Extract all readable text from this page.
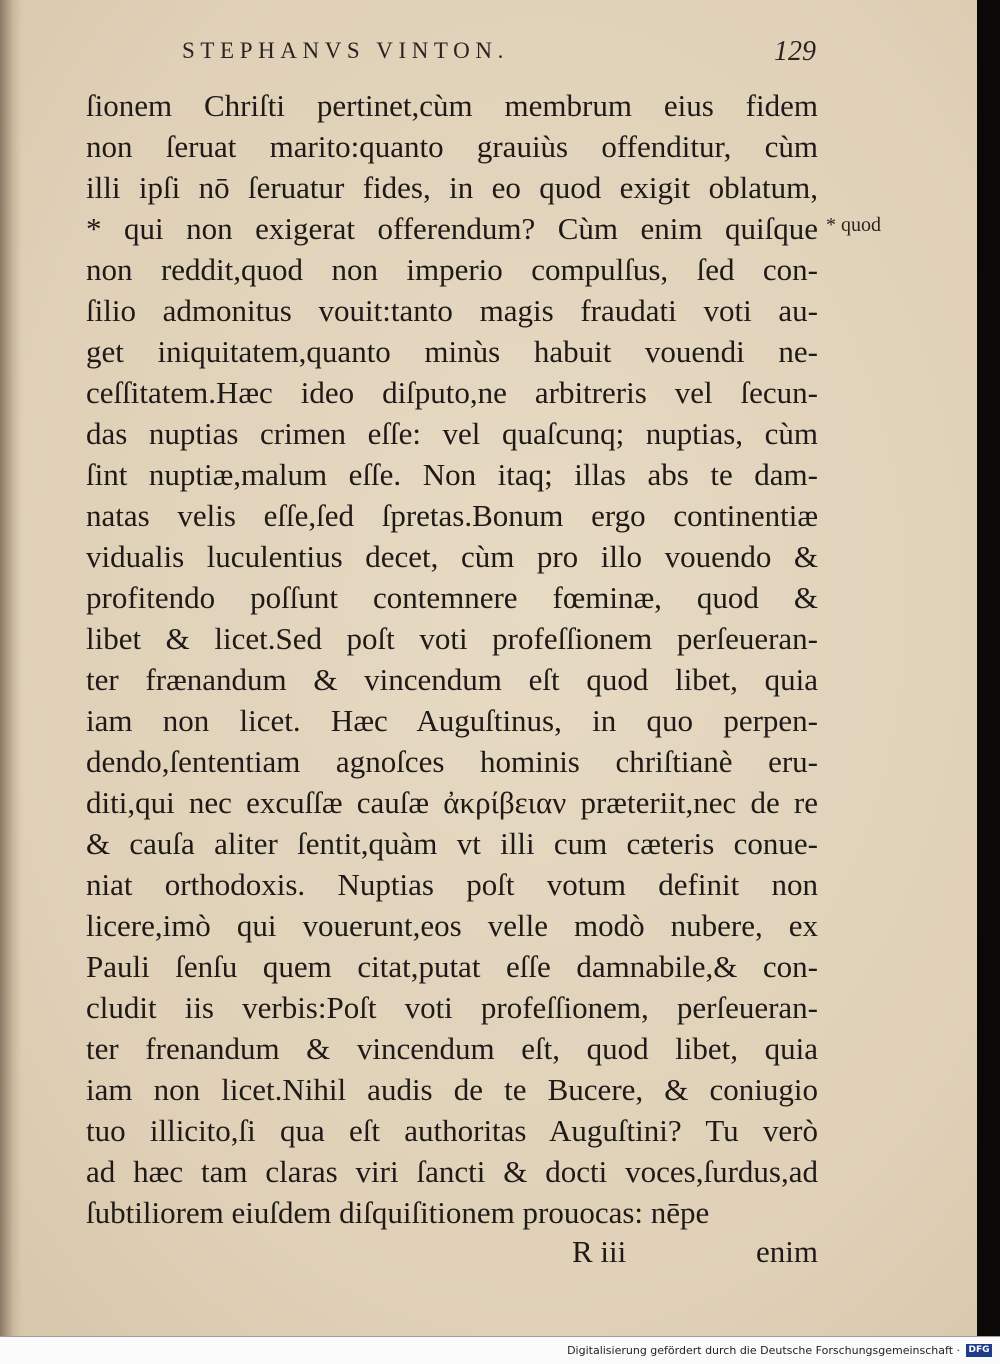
STEPHANVS VINTON.	129
ſionem Chriſti pertinet,cùm membrum eius fidem
non ſeruat marito:quanto grauiùs offenditur, cùm
illi ipſi nō ſeruatur fides, in eo quod exigit oblatum,
* qui non exigerat offerendum? Cùm enim quiſque
non reddit,quod non imperio compulſus, ſed con-
ſilio admonitus vouit:tanto magis fraudati voti au-
get iniquitatem,quanto minùs habuit vouendi ne-
ceſſitatem.Hæc ideo diſputo,ne arbitreris vel ſecun-
das nuptias crimen eſſe: vel quaſcunq; nuptias, cùm
ſint nuptiæ,malum eſſe. Non itaq; illas abs te dam-
natas velis eſſe,ſed ſpretas.Bonum ergo continentiæ
vidualis luculentius decet, cùm pro illo vouendo &
profitendo poſſunt contemnere fœminæ, quod &
libet & licet.Sed poſt voti profeſſionem perſeueran-
ter frænandum & vincendum eſt quod libet, quia
iam non licet. Hæc Auguſtinus, in quo perpen-
dendo,ſententiam agnoſces hominis chriſtianè eru-
diti,qui nec excuſſæ cauſæ ἀκρίβειαν præteriit,nec de re
& cauſa aliter ſentit,quàm vt illi cum cæteris conue-
niat orthodoxis. Nuptias poſt votum definit non
licere,imò qui vouerunt,eos velle modò nubere, ex
Pauli ſenſu quem citat,putat eſſe damnabile,& con-
cludit iis verbis:Poſt voti profeſſionem, perſeueran-
ter frenandum & vincendum eſt, quod libet, quia
iam non licet.Nihil audis de te Bucere, & coniugio
tuo illicito,ſi qua eſt authoritas Auguſtini? Tu verò
ad hæc tam claras viri ſancti & docti voces,ſurdus,ad
ſubtiliorem eiuſdem diſquiſitionem prouocas: nēpe
* quod
R iii	enim
Digitalisierung gefördert durch die Deutsche Forschungsgemeinschaft · DFG
